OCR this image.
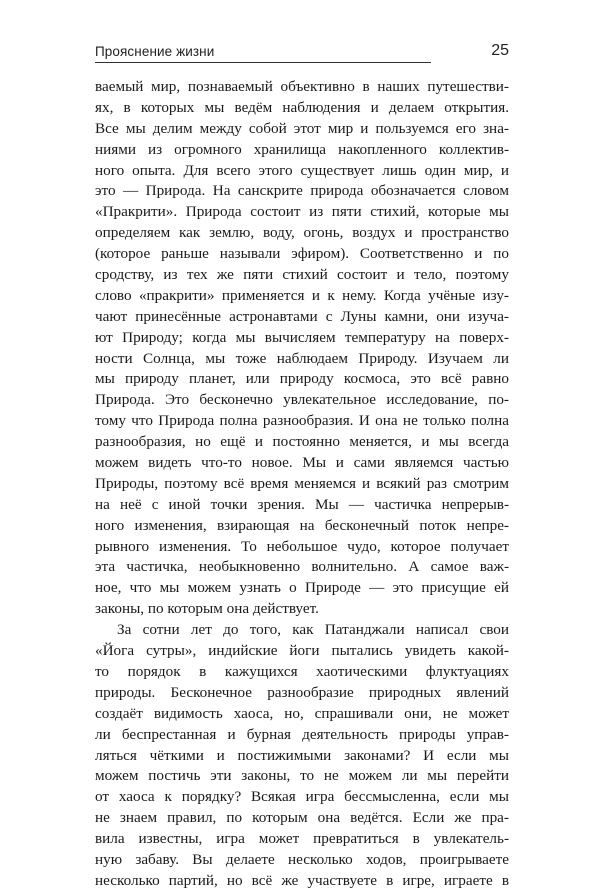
Прояснение жизни	25
ваемый мир, познаваемый объективно в наших путешестви-
ях, в которых мы ведём наблюдения и делаем открытия.
Все мы делим между собой этот мир и пользуемся его зна-
ниями из огромного хранилища накопленного коллектив-
ного опыта. Для всего этого существует лишь один мир, и
это — Природа. На санскрите природа обозначается словом
«Пракрити». Природа состоит из пяти стихий, которые мы
определяем как землю, воду, огонь, воздух и пространство
(которое раньше называли эфиром). Соответственно и по
сродству, из тех же пяти стихий состоит и тело, поэтому
слово «пракрити» применяется и к нему. Когда учёные изу-
чают принесённые астронавтами с Луны камни, они изуча-
ют Природу; когда мы вычисляем температуру на поверх-
ности Солнца, мы тоже наблюдаем Природу. Изучаем ли
мы природу планет, или природу космоса, это всё равно
Природа. Это бесконечно увлекательное исследование, по-
тому что Природа полна разнообразия. И она не только полна
разнообразия, но ещё и постоянно меняется, и мы всегда
можем видеть что-то новое. Мы и сами являемся частью
Природы, поэтому всё время меняемся и всякий раз смотрим
на неё с иной точки зрения. Мы — частичка непрерыв-
ного изменения, взирающая на бесконечный поток непре-
рывного изменения. То небольшое чудо, которое получает
эта частичка, необыкновенно волнительно. А самое важ-
ное, что мы можем узнать о Природе — это присущие ей
законы, по которым она действует.
За сотни лет до того, как Патанджали написал свои
«Йога сутры», индийские йоги пытались увидеть какой-
то порядок в кажущихся хаотическими флуктуациях
природы. Бесконечное разнообразие природных явлений
создаёт видимость хаоса, но, спрашивали они, не может
ли беспрестанная и бурная деятельность природы управ-
ляться чёткими и постижимыми законами? И если мы
можем постичь эти законы, то не можем ли мы перейти
от хаоса к порядку? Всякая игра бессмысленна, если мы
не знаем правил, по которым она ведётся. Если же пра-
вила известны, игра может превратиться в увлекатель-
ную забаву. Вы делаете несколько ходов, проигрываете
несколько партий, но всё же участвуете в игре, играете в
